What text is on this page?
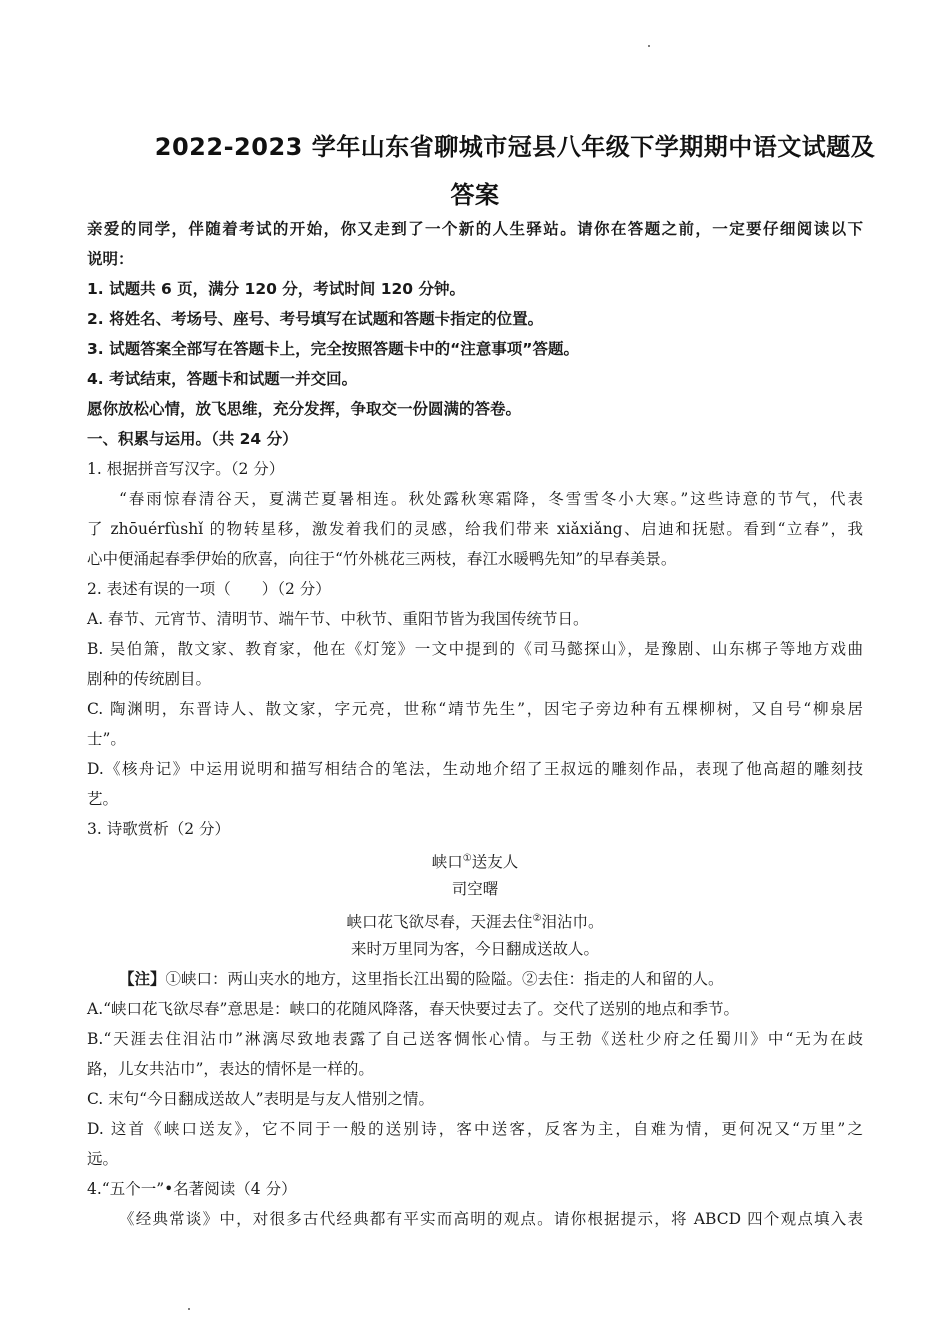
2022-2023 学年山东省聊城市冠县八年级下学期期中语文试题及
答案
亲爱的同学，伴随着考试的开始，你又走到了一个新的人生驿站。请你在答题之前，一定要仔细阅读以下
说明：
1. 试题共 6 页，满分 120 分，考试时间 120 分钟。
2. 将姓名、考场号、座号、考号填写在试题和答题卡指定的位置。
3. 试题答案全部写在答题卡上，完全按照答题卡中的“注意事项”答题。
4. 考试结束，答题卡和试题一并交回。
愿你放松心情，放飞思维，充分发挥，争取交一份圆满的答卷。
一、积累与运用。（共 24 分）
1. 根据拼音写汉字。（2 分）
“春雨惊春清谷天，夏满芒夏暑相连。秋处露秋寒霜降，冬雪雪冬小大寒。”这些诗意的节气，代表
了 zhōuérfùshǐ 的物转星移，激发着我们的灵感，给我们带来 xiǎxiǎng、启迪和抚慰。看到“立春”，我
心中便涌起春季伊始的欣喜，向往于“竹外桃花三两枝，春江水暖鸭先知”的早春美景。
2. 表述有误的一项（　　）（2 分）
A. 春节、元宵节、清明节、端午节、中秋节、重阳节皆为我国传统节日。
B. 吴伯箫，散文家、教育家，他在《灯笼》一文中提到的《司马懿探山》，是豫剧、山东梆子等地方戏曲
剧种的传统剧目。
C. 陶渊明，东晋诗人、散文家，字元亮，世称“靖节先生”，因宅子旁边种有五棵柳树，又自号“柳泉居
士”。
D.《核舟记》中运用说明和描写相结合的笔法，生动地介绍了王叔远的雕刻作品，表现了他高超的雕刻技
艺。
3. 诗歌赏析（2 分）
峡口①送友人
司空曙
峡口花飞欲尽春，天涯去住②泪沾巾。
来时万里同为客，今日翻成送故人。
【注】①峡口：两山夹水的地方，这里指长江出蜀的险隘。②去住：指走的人和留的人。
A.“峡口花飞欲尽春”意思是：峡口的花随风降落，春天快要过去了。交代了送别的地点和季节。
B.“天涯去住泪沾巾”淋漓尽致地表露了自己送客惆怅心情。与王勃《送杜少府之任蜀川》中“无为在歧
路，儿女共沾巾”，表达的情怀是一样的。
C. 末句“今日翻成送故人”表明是与友人惜别之情。
D. 这首《峡口送友》，它不同于一般的送别诗，客中送客，反客为主，自难为情，更何况又“万里”之
远。
4.“五个一”•名著阅读（4 分）
《经典常谈》中，对很多古代经典都有平实而高明的观点。请你根据提示，将 ABCD 四个观点填入表
